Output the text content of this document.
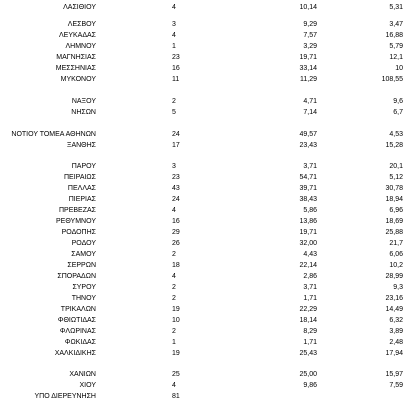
ΛΑΣΙΘΙΟΥ	4	10,14	5,31
ΛΕΣΒΟΥ	3	9,29	3,47
ΛΕΥΚΑΔΑΣ	4	7,57	16,88
ΛΗΜΝΟΥ	1	3,29	5,79
ΜΑΓΝΗΣΙΑΣ	23	19,71	12,1
ΜΕΣΣΗΝΙΑΣ	16	33,14	10
ΜΥΚΟΝΟΥ	11	11,29	108,55
ΝΑΞΟΥ	2	4,71	9,6
ΝΗΣΩΝ	5	7,14	6,7
ΝΟΤΙΟΥ ΤΟΜΕΑ ΑΘΗΝΩΝ	24	49,57	4,53
ΞΑΝΘΗΣ	17	23,43	15,28
ΠΑΡΟΥ	3	3,71	20,1
ΠΕΙΡΑΙΩΣ	23	54,71	5,12
ΠΕΛΛΑΣ	43	39,71	30,78
ΠΙΕΡΙΑΣ	24	38,43	18,94
ΠΡΕΒΕΖΑΣ	4	5,86	6,96
ΡΕΘΥΜΝΟΥ	16	13,86	18,69
ΡΟΔΟΠΗΣ	29	19,71	25,88
ΡΟΔΟΥ	26	32,00	21,7
ΣΑΜΟΥ	2	4,43	6,06
ΣΕΡΡΩΝ	18	22,14	10,2
ΣΠΟΡΑΔΩΝ	4	2,86	28,99
ΣΥΡΟΥ	2	3,71	9,3
ΤΗΝΟΥ	2	1,71	23,16
ΤΡΙΚΑΛΩΝ	19	22,29	14,49
ΦΘΙΩΤΙΔΑΣ	10	18,14	6,32
ΦΛΩΡΙΝΑΣ	2	8,29	3,89
ΦΩΚΙΔΑΣ	1	1,71	2,48
ΧΑΛΚΙΔΙΚΗΣ	19	25,43	17,94
ΧΑΝΙΩΝ	25	25,00	15,97
ΧΙΟΥ	4	9,86	7,59
ΥΠΟ ΔΙΕΡΕΥΝΗΣΗ	81
